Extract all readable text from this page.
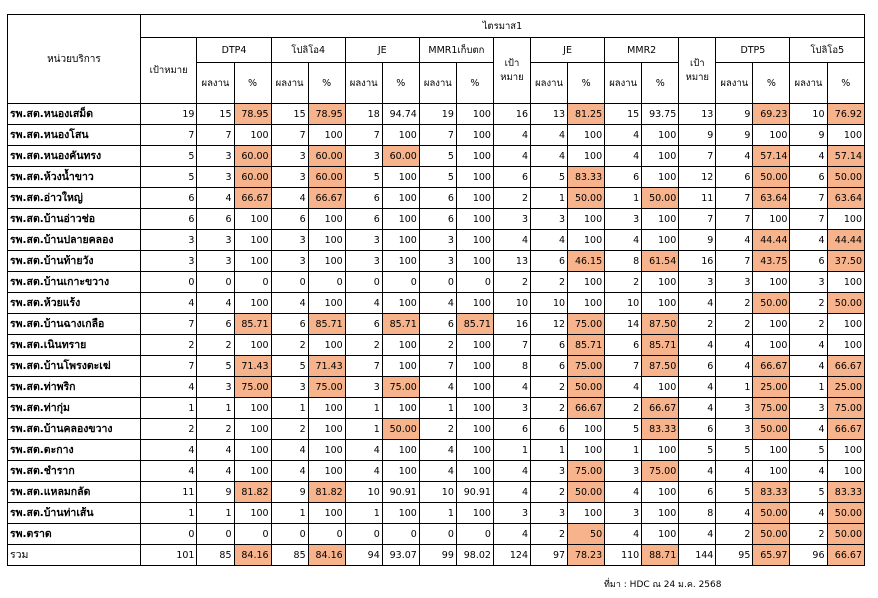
หน่วยบริการ	ไตรมาส1																		
	เป้าหมาย	DTP4		โปลิโอ4		JE		MMR1เก็บตก		เป้าหมาย	JE		MMR2		เป้าหมาย	DTP5		โปลิโอ5	
		ผลงาน	%	ผลงาน	%	ผลงาน	%	ผลงาน	%		ผลงาน	%	ผลงาน	%		ผลงาน	%	ผลงาน	%
รพ.สต.หนองเสม็ด	19	15	78.95	15	78.95	18	94.74	19	100	16	13	81.25	15	93.75	13	9	69.23	10	76.92
รพ.สต.หนองโสน	7	7	100	7	100	7	100	7	100	4	4	100	4	100	9	9	100	9	100
รพ.สต.หนองคันทรง	5	3	60.00	3	60.00	3	60.00	5	100	4	4	100	4	100	7	4	57.14	4	57.14
รพ.สต.ห้วงน้ำขาว	5	3	60.00	3	60.00	5	100	5	100	6	5	83.33	6	100	12	6	50.00	6	50.00
รพ.สต.อ่าวใหญ่	6	4	66.67	4	66.67	6	100	6	100	2	1	50.00	1	50.00	11	7	63.64	7	63.64
รพ.สต.บ้านอ่าวช่อ	6	6	100	6	100	6	100	6	100	3	3	100	3	100	7	7	100	7	100
รพ.สต.บ้านปลายคลอง	3	3	100	3	100	3	100	3	100	4	4	100	4	100	9	4	44.44	4	44.44
รพ.สต.บ้านท้ายวัง	3	3	100	3	100	3	100	3	100	13	6	46.15	8	61.54	16	7	43.75	6	37.50
รพ.สต.บ้านเกาะขวาง	0	0	0	0	0	0	0	0	0	2	2	100	2	100	3	3	100	3	100
รพ.สต.ห้วยแร้ง	4	4	100	4	100	4	100	4	100	10	10	100	10	100	4	2	50.00	2	50.00
รพ.สต.บ้านฉางเกลือ	7	6	85.71	6	85.71	6	85.71	6	85.71	16	12	75.00	14	87.50	2	2	100	2	100
รพ.สต.เนินทราย	2	2	100	2	100	2	100	2	100	7	6	85.71	6	85.71	4	4	100	4	100
รพ.สต.บ้านโพรงตะเฆ่	7	5	71.43	5	71.43	7	100	7	100	8	6	75.00	7	87.50	6	4	66.67	4	66.67
รพ.สต.ท่าพริก	4	3	75.00	3	75.00	3	75.00	4	100	4	2	50.00	4	100	4	1	25.00	1	25.00
รพ.สต.ท่ากุ่ม	1	1	100	1	100	1	100	1	100	3	2	66.67	2	66.67	4	3	75.00	3	75.00
รพ.สต.บ้านคลองขวาง	2	2	100	2	100	1	50.00	2	100	6	6	100	5	83.33	6	3	50.00	4	66.67
รพ.สต.ตะกาง	4	4	100	4	100	4	100	4	100	1	1	100	1	100	5	5	100	5	100
รพ.สต.ชำราก	4	4	100	4	100	4	100	4	100	4	3	75.00	3	75.00	4	4	100	4	100
รพ.สต.แหลมกลัด	11	9	81.82	9	81.82	10	90.91	10	90.91	4	2	50.00	4	100	6	5	83.33	5	83.33
รพ.สต.บ้านท่าเส้น	1	1	100	1	100	1	100	1	100	3	3	100	3	100	8	4	50.00	4	50.00
รพ.ตราด	0	0	0	0	0	0	0	0	0	4	2	50	4	100	4	2	50.00	2	50.00
รวม	101	85	84.16	85	84.16	94	93.07	99	98.02	124	97	78.23	110	88.71	144	95	65.97	96	66.67
ที่มา : HDC ณ 24 ม.ค. 2568
